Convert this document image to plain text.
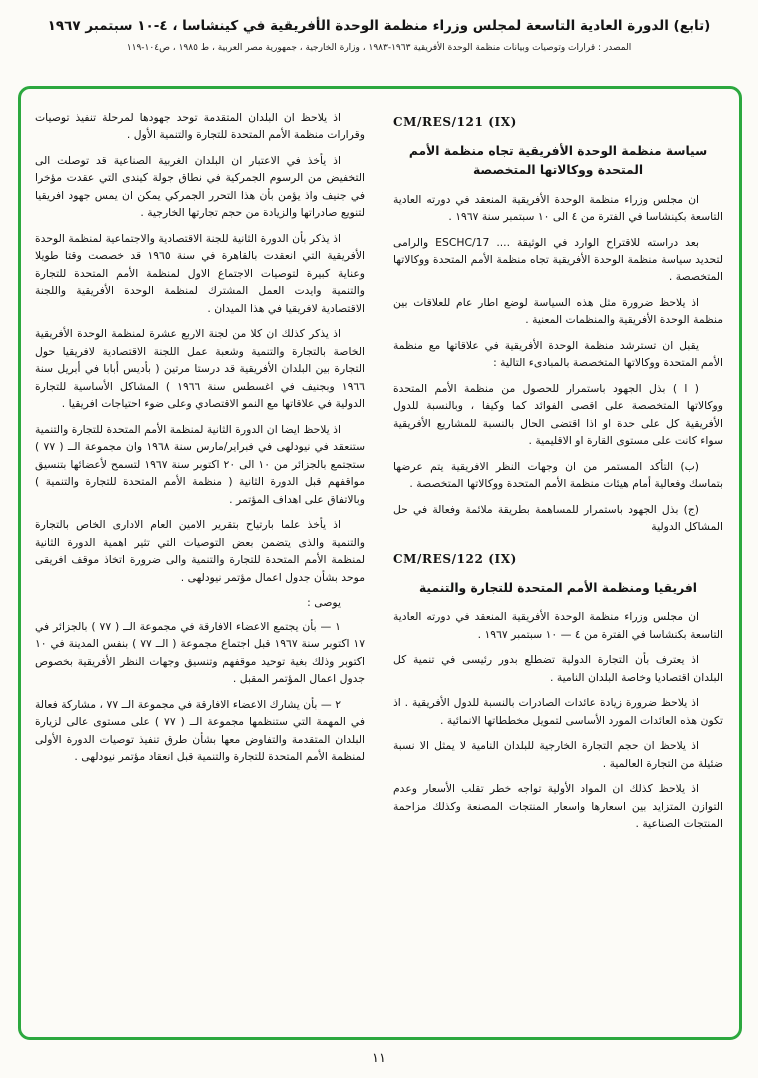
(تابع) الدورة العادية التاسعة لمجلس وزراء منظمة الوحدة الأفريقية في كينشاسا ، ٤-١٠ سبتمبر ١٩٦٧
المصدر : قرارات وتوصيات وبيانات منظمة الوحدة الأفريقية ١٩٦٣-١٩٨٣ ، وزارة الخارجية ، جمهورية مصر العربية ، ط ١٩٨٥ ، ص١٠٤-١١٩
CM/RES/121 (IX)
سياسة منظمة الوحدة الأفريقية تجاه منظمة الأمم المتحدة ووكالاتها المتخصصة

ان مجلس وزراء منظمة الوحدة الأفريقية المنعقد في دورته العادية التاسعة بكينشاسا في الفترة من ٤ الى ١٠ سبتمبر سنة ١٩٦٧ .

بعد دراسته للاقتراح الوارد في الوثيقة .... ESCHC/17 والرامى لتحديد سياسة منظمة الوحدة الأفريقية تجاه منظمة الأمم المتحدة ووكالاتها المتخصصة .

اذ يلاحظ ضرورة مثل هذه السياسة لوضع اطار عام للعلاقات بين منظمة الوحدة الأفريقية والمنظمات المعنية .

يقبل ان تسترشد منظمة الوحدة الأفريقية في علاقاتها مع منظمة الأمم المتحدة ووكالاتها المتخصصة بالمبادىء التالية :

( ا ) بذل الجهود باستمرار للحصول من منظمة الأمم المتحدة ووكالاتها المتخصصة على اقصى الفوائد كما وكيفا ، وبالنسبة للدول الأفريقية كل على حدة او اذا اقتضى الحال بالنسبة للمشاريع الأفريقية سواء كانت على مستوى القارة او الاقليمية .

(ب) التأكد المستمر من ان وجهات النظر الافريقية يتم عرضها بتماسك وفعالية أمام هيئات منظمة الأمم المتحدة ووكالاتها المتخصصة .

(ج) بذل الجهود باستمرار للمساهمة بطريقة ملائمة وفعالة في حل المشاكل الدولية

CM/RES/122 (IX)
افريقيا ومنظمة الأمم المتحدة للتجارة والتنمية

ان مجلس وزراء منظمة الوحدة الأفريقية المنعقد في دورته العادية التاسعة بكنشاسا في الفترة من ٤ — ١٠ سبتمبر ١٩٦٧ .

اذ يعترف بأن التجارة الدولية تضطلع بدور رئيسى في تنمية كل البلدان اقتصاديا وخاصة البلدان النامية .

اذ يلاحظ ضرورة زيادة عائدات الصادرات بالنسبة للدول الأفريقية . اذ تكون هذه العائدات المورد الأساسى لتمويل مخططاتها الانمائية .

اذ يلاحظ ان حجم التجارة الخارجية للبلدان النامية لا يمثل الا نسبة ضئيلة من التجارة العالمية .

اذ يلاحظ كذلك ان المواد الأولية تواجه خطر تقلب الأسعار وعدم التوازن المتزايد بين اسعارها واسعار المنتجات المصنعة وكذلك مزاحمة المنتجات الصناعية .

اذ يلاحظ ان البلدان المتقدمة توحد جهودها لمرحلة تنفيذ توصيات وقرارات منظمة الأمم المتحدة للتجارة والتنمية الأول .

اذ يأخذ في الاعتبار ان البلدان الغربية الصناعية قد توصلت الى التخفيض من الرسوم الجمركية في نطاق جولة كيندى التي عقدت مؤخرا في جنيف واذ يؤمن بأن هذا التحرر الجمركي يمكن ان يمس جهود افريقيا لتنويع صادراتها والزيادة من حجم تجارتها الخارجية .

اذ يذكر بأن الدورة الثانية للجنة الاقتصادية والاجتماعية لمنظمة الوحدة الأفريقية التي انعقدت بالقاهرة في سنة ١٩٦٥ قد خصصت وقتا طويلا وعناية كبيرة لتوصيات الاجتماع الاول لمنظمة الأمم المتحدة للتجارة والتنمية وايدت العمل المشترك لمنظمة الوحدة الأفريقية واللجنة الاقتصادية لافريقيا في هذا الميدان .

اذ يذكر كذلك ان كلا من لجنة الاربع عشرة لمنظمة الوحدة الأفريقية الخاصة بالتجارة والتنمية وشعبة عمل اللجنة الاقتصادية لافريقيا حول التجارة بين البلدان الأفريقية قد درستا مرتين ( بأديس أبابا في أبريل سنة ١٩٦٦ وبجنيف في اغسطس سنة ١٩٦٦ ) المشاكل الأساسية للتجارة الدولية في علاقاتها مع النمو الاقتصادي وعلى ضوء احتياجات افريقيا .

اذ يلاحظ ايضا ان الدورة الثانية لمنظمة الأمم المتحدة للتجارة والتنمية ستنعقد في نيودلهى في فبراير/مارس سنة ١٩٦٨ وان مجموعة الــ ( ٧٧ ) ستجتمع بالجزائر من ١٠ الى ٢٠ اكتوبر سنة ١٩٦٧ لتسمح لأعضائها بتنسيق مواقفهم قبل الدورة الثانية ( منظمة الأمم المتحدة للتجارة والتنمية ) وبالاتفاق على اهداف المؤتمر .

اذ يأخذ علما بارتياح بتقرير الامين العام الادارى الخاص بالتجارة والتنمية والذى يتضمن بعض التوصيات التي تثير اهمية الدورة الثانية لمنظمة الأمم المتحدة للتجارة والتنمية والى ضرورة اتخاذ موقف افريقى موحد بشأن جدول اعمال مؤتمر نيودلهى .

يوصى :

١ — بأن يجتمع الاعضاء الافارقة في مجموعة الــ ( ٧٧ ) بالجزائر في ١٧ اكتوبر سنة ١٩٦٧ قبل اجتماع مجموعة ( الــ ٧٧ ) بنفس المدينة في ١٠ اكتوبر وذلك بغية توحيد موقفهم وتنسيق وجهات النظر الأفريقية بخصوص جدول اعمال المؤتمر المقبل .

٢ — بأن يشارك الاعضاء الافارقة في مجموعة الــ ٧٧ ، مشاركة فعالة في المهمة التي ستنظمها مجموعة الــ ( ٧٧ ) على مستوى عالى لزيارة البلدان المتقدمة والتفاوض معها بشأن طرق تنفيذ توصيات الدورة الأولى لمنظمة الأمم المتحدة للتجارة والتنمية قبل انعقاد مؤتمر نيودلهى .

١١
